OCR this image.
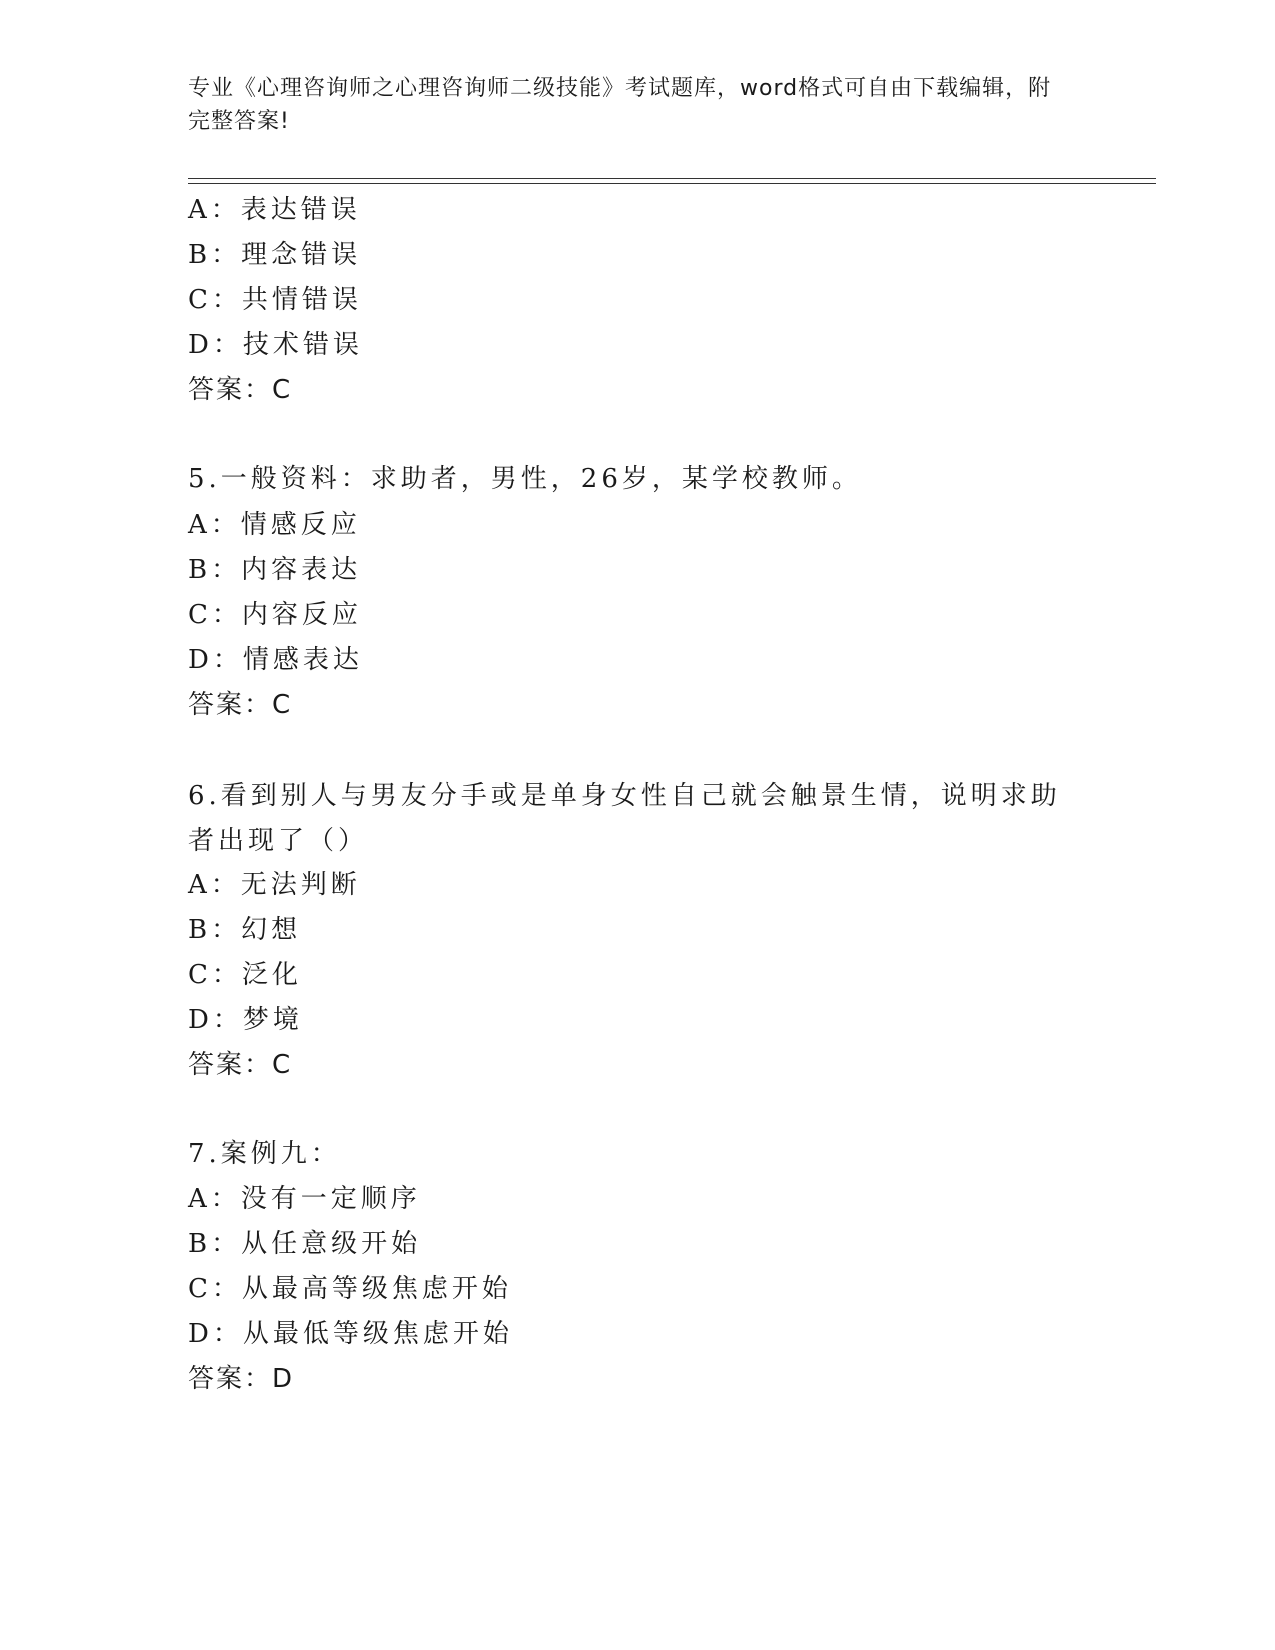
专业《心理咨询师之心理咨询师二级技能》考试题库，word格式可自由下载编辑，附完整答案!
A：表达错误
B：理念错误
C：共情错误
D：技术错误
答案：C
5.一般资料：求助者，男性，26岁，某学校教师。
A：情感反应
B：内容表达
C：内容反应
D：情感表达
答案：C
6.看到别人与男友分手或是单身女性自己就会触景生情，说明求助者出现了（）
A：无法判断
B：幻想
C：泛化
D：梦境
答案：C
7.案例九：
A：没有一定顺序
B：从任意级开始
C：从最高等级焦虑开始
D：从最低等级焦虑开始
答案：D
